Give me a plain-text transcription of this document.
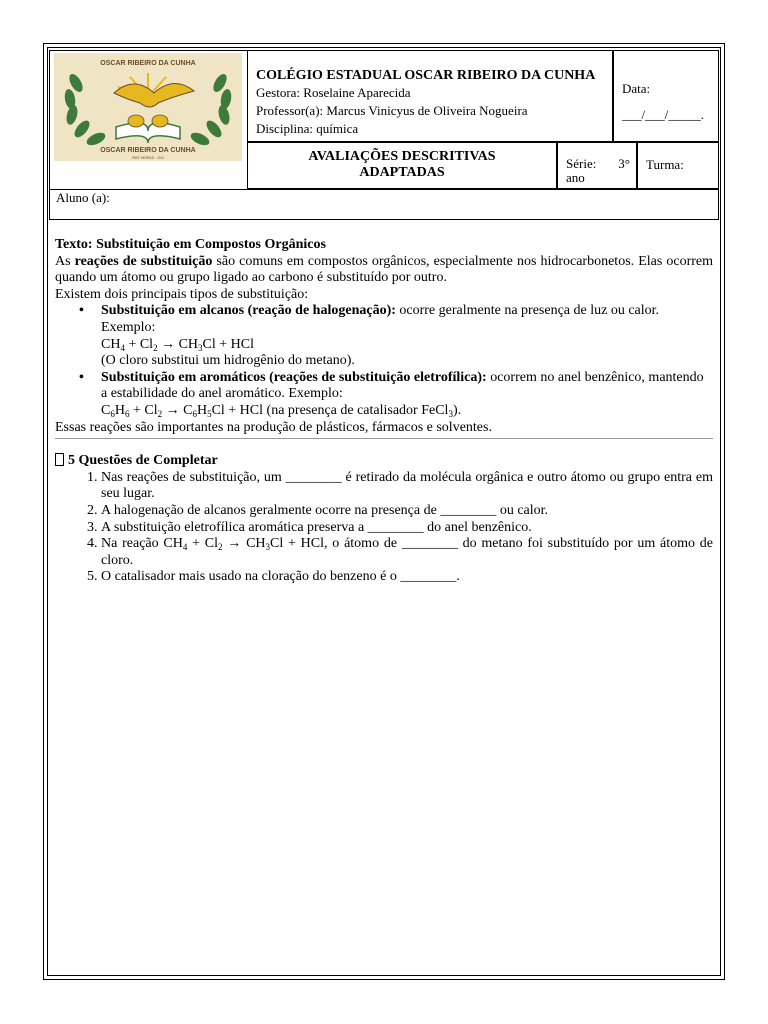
OSCAR RIBEIRO DA CUNHA
OSCAR RIBEIRO DA CUNHA
RIO VERDE - GO
COLÉGIO ESTADUAL OSCAR RIBEIRO DA CUNHA
Gestora: Roselaine Aparecida
Professor(a): Marcus Vinicyus de Oliveira Nogueira
Disciplina: química
Data:
___/___/_____.
AVALIAÇÕES DESCRITIVAS
ADAPTADAS
Série: 3°
ano
Turma:
Aluno (a):

Texto: Substituição em Compostos Orgânicos

As reações de substituição são comuns em compostos orgânicos, especialmente nos hidrocarbonetos. Elas ocorrem quando um átomo ou grupo ligado ao carbono é substituído por outro.

Existem dois principais tipos de substituição:

• Substituição em alcanos (reação de halogenação): ocorre geralmente na presença de luz ou calor. Exemplo:
$CH_4 + Cl_2 \to CH_3Cl$ + HCl
(O cloro substitui um hidrogênio do metano).
• Substituição em aromáticos (reações de substituição eletrofílica): ocorrem no anel benzênico, mantendo a estabilidade do anel aromático. Exemplo:
$C_6H_6 + Cl_2 \to C_6H_5Cl$ + HCl (na presença de catalisador FeCl$_3$).

Essas reações são importantes na produção de plásticos, fármacos e solventes.

5 Questões de Completar

1. Nas reações de substituição, um ________ é retirado da molécula orgânica e outro átomo ou grupo entra em seu lugar.
2. A halogenação de alcanos geralmente ocorre na presença de ________ ou calor.
3. A substituição eletrofílica aromática preserva a ________ do anel benzênico.
4. Na reação $CH_4 + Cl_2 \to CH_3Cl$ + HCl, o átomo de ________ do metano foi substituído por um átomo de cloro.
5. O catalisador mais usado na cloração do benzeno é o ________.
